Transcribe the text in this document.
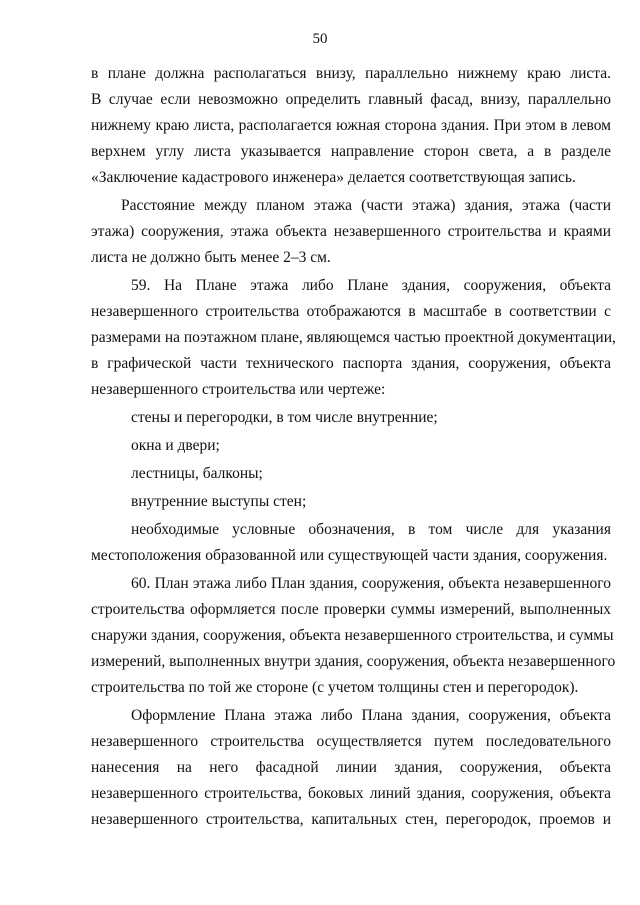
50
в плане должна располагаться внизу, параллельно нижнему краю листа.
В случае если невозможно определить главный фасад, внизу, параллельно
нижнему краю листа, располагается южная сторона здания. При этом в левом
верхнем углу листа указывается направление сторон света, а в разделе
«Заключение кадастрового инженера» делается соответствующая запись.
Расстояние между планом этажа (части этажа) здания, этажа (части
этажа) сооружения, этажа объекта незавершенного строительства и краями
листа не должно быть менее 2–3 см.
59. На Плане этажа либо Плане здания, сооружения, объекта
незавершенного строительства отображаются в масштабе в соответствии с
размерами на поэтажном плане, являющемся частью проектной документации,
в графической части технического паспорта здания, сооружения, объекта
незавершенного строительства или чертеже:
стены и перегородки, в том числе внутренние;
окна и двери;
лестницы, балконы;
внутренние выступы стен;
необходимые условные обозначения, в том числе для указания
местоположения образованной или существующей части здания, сооружения.
60. План этажа либо План здания, сооружения, объекта незавершенного
строительства оформляется после проверки суммы измерений, выполненных
снаружи здания, сооружения, объекта незавершенного строительства, и суммы
измерений, выполненных внутри здания, сооружения, объекта незавершенного
строительства по той же стороне (с учетом толщины стен и перегородок).
Оформление Плана этажа либо Плана здания, сооружения, объекта
незавершенного строительства осуществляется путем последовательного
нанесения на него фасадной линии здания, сооружения, объекта
незавершенного строительства, боковых линий здания, сооружения, объекта
незавершенного строительства, капитальных стен, перегородок, проемов и
